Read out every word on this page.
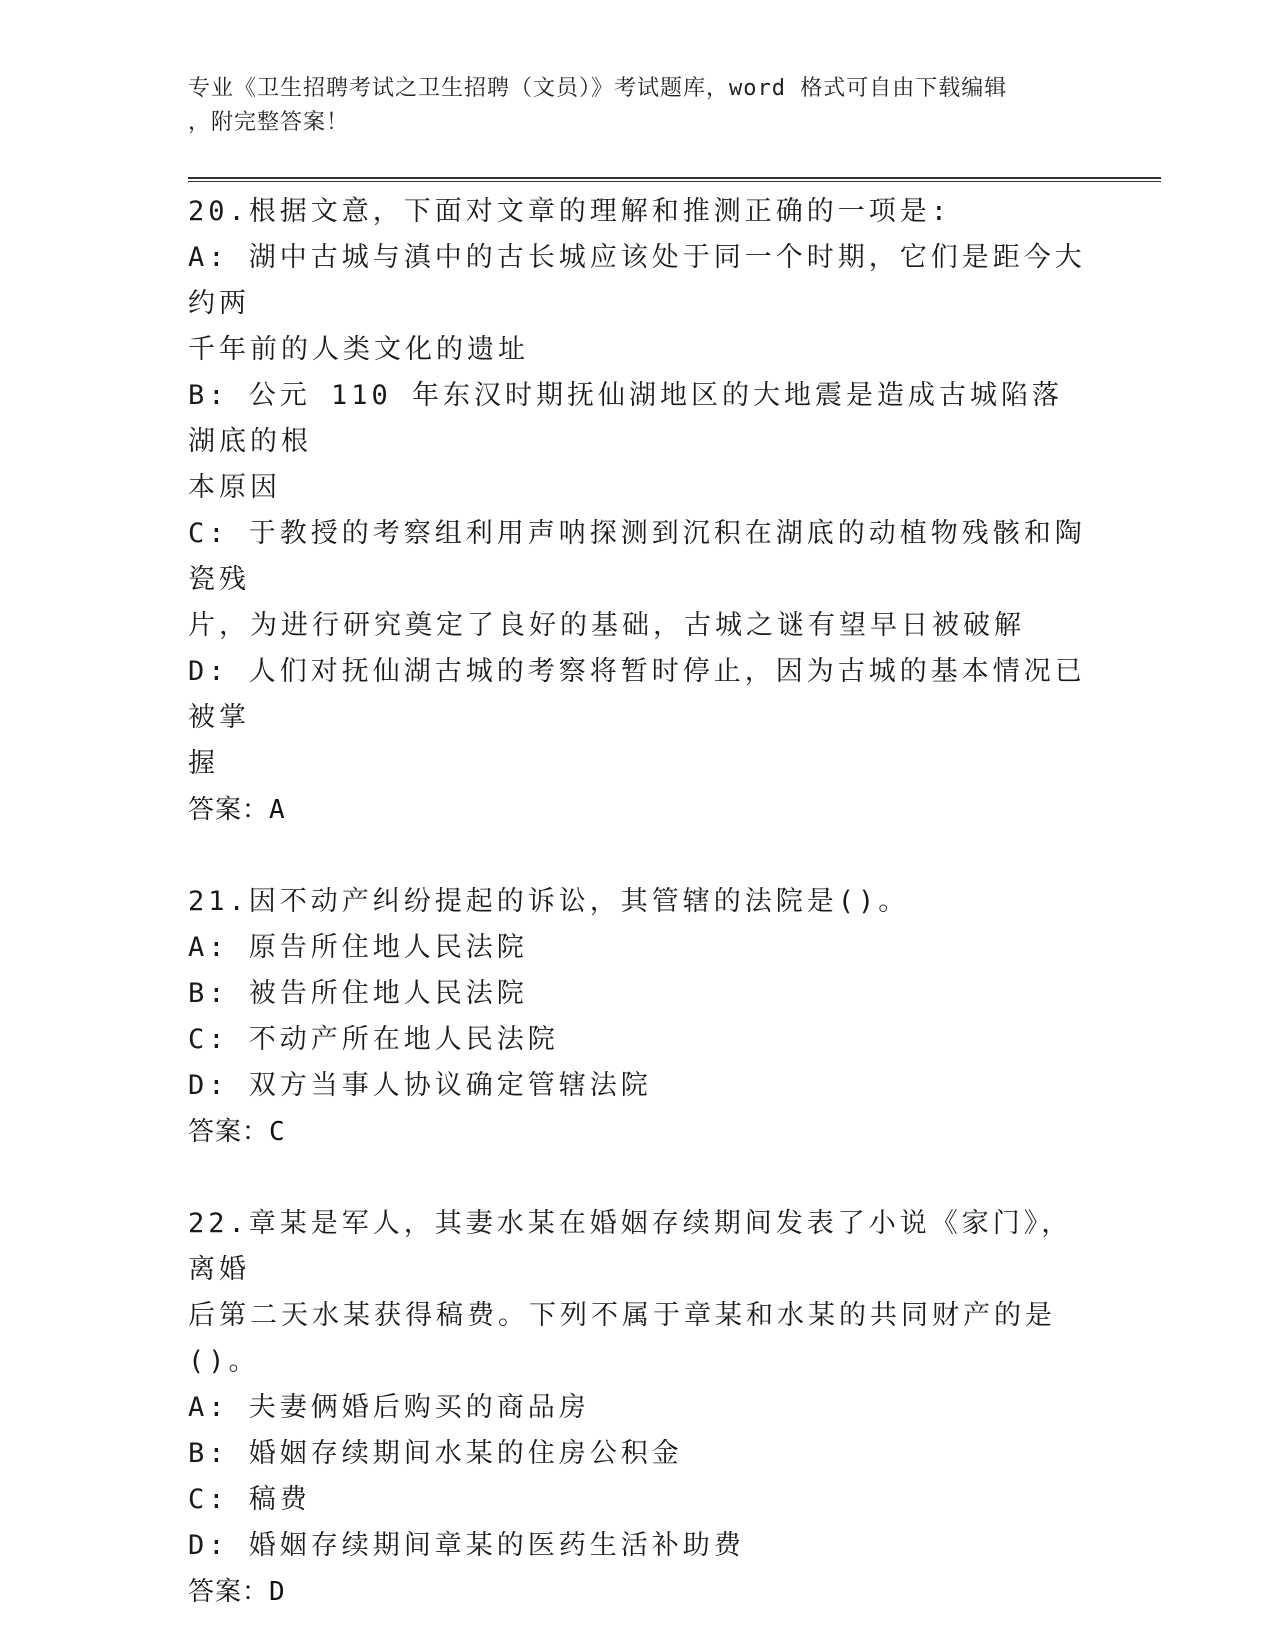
专业《卫生招聘考试之卫生招聘（文员）》考试题库，word 格式可自由下载编辑
，附完整答案！
20.根据文意，下面对文章的理解和推测正确的一项是:
A: 湖中古城与滇中的古长城应该处于同一个时期，它们是距今大约两
千年前的人类文化的遗址
B: 公元 110 年东汉时期抚仙湖地区的大地震是造成古城陷落湖底的根
本原因
C: 于教授的考察组利用声呐探测到沉积在湖底的动植物残骸和陶瓷残
片，为进行研究奠定了良好的基础，古城之谜有望早日被破解
D: 人们对抚仙湖古城的考察将暂时停止，因为古城的基本情况已被掌
握
答案：A
21.因不动产纠纷提起的诉讼，其管辖的法院是()。
A: 原告所住地人民法院
B: 被告所住地人民法院
C: 不动产所在地人民法院
D: 双方当事人协议确定管辖法院
答案：C
22.章某是军人，其妻水某在婚姻存续期间发表了小说《家门》，离婚
后第二天水某获得稿费。下列不属于章某和水某的共同财产的是()。
A: 夫妻俩婚后购买的商品房
B: 婚姻存续期间水某的住房公积金
C: 稿费
D: 婚姻存续期间章某的医药生活补助费
答案：D
